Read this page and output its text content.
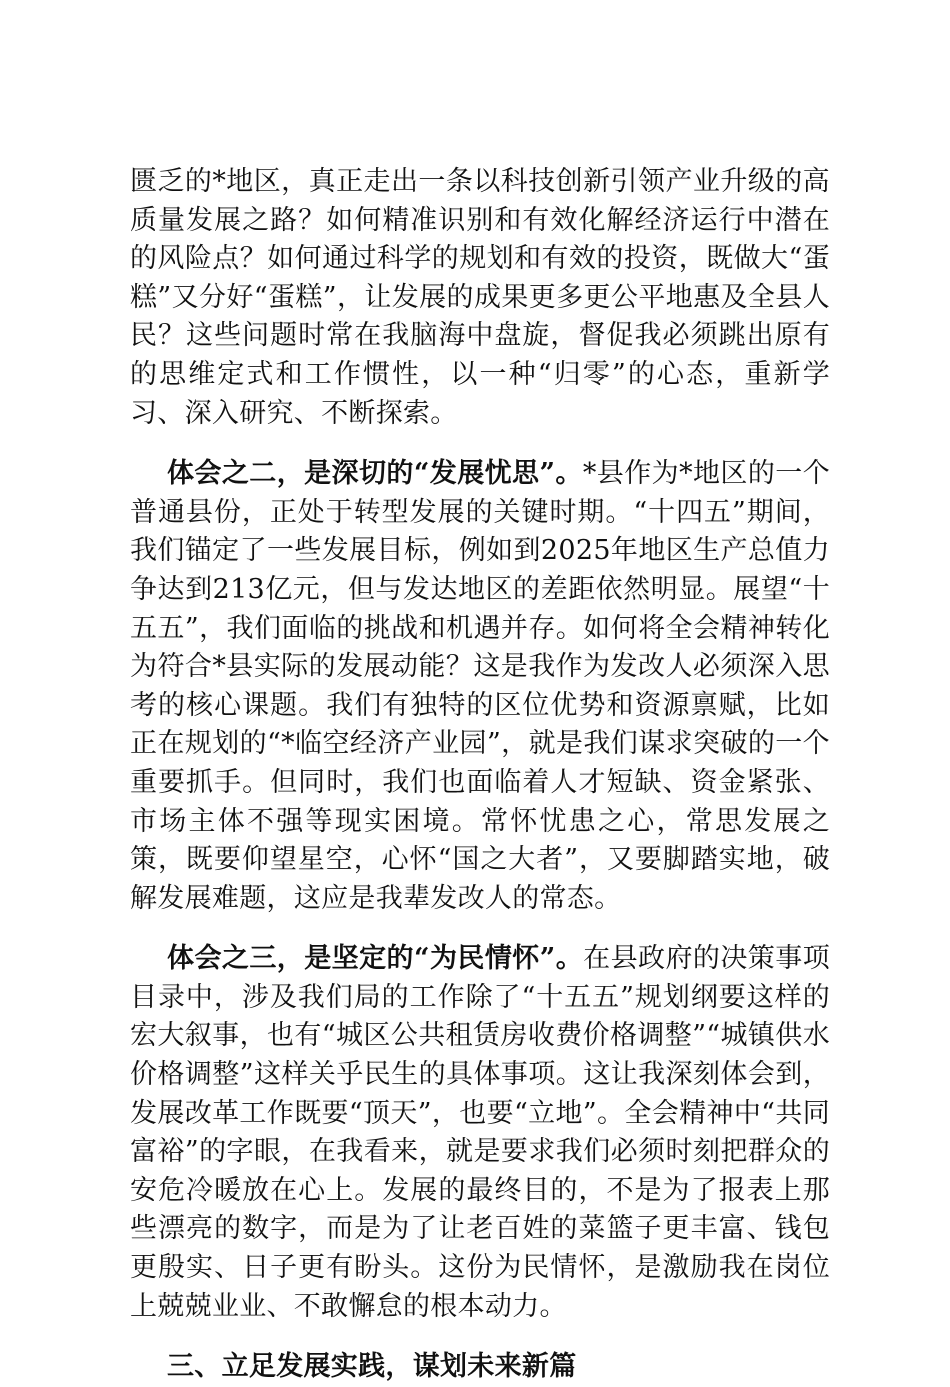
匮乏的*地区，真正走出一条以科技创新引领产业升级的高质量发展之路？如何精准识别和有效化解经济运行中潜在的风险点？如何通过科学的规划和有效的投资，既做大“蛋糕”又分好“蛋糕”，让发展的成果更多更公平地惠及全县人民？这些问题时常在我脑海中盘旋，督促我必须跳出原有的思维定式和工作惯性，以一种“归零”的心态，重新学习、深入研究、不断探索。

体会之二，是深切的“发展忧思”。*县作为*地区的一个普通县份，正处于转型发展的关键时期。“十四五”期间，我们锚定了一些发展目标，例如到2025年地区生产总值力争达到213亿元，但与发达地区的差距依然明显。展望“十五五”，我们面临的挑战和机遇并存。如何将全会精神转化为符合*县实际的发展动能？这是我作为发改人必须深入思考的核心课题。我们有独特的区位优势和资源禀赋，比如正在规划的“*临空经济产业园”，就是我们谋求突破的一个重要抓手。但同时，我们也面临着人才短缺、资金紧张、市场主体不强等现实困境。常怀忧患之心，常思发展之策，既要仰望星空，心怀“国之大者”，又要脚踏实地，破解发展难题，这应是我辈发改人的常态。

体会之三，是坚定的“为民情怀”。在县政府的决策事项目录中，涉及我们局的工作除了“十五五”规划纲要这样的宏大叙事，也有“城区公共租赁房收费价格调整”“城镇供水价格调整”这样关乎民生的具体事项。这让我深刻体会到，发展改革工作既要“顶天”，也要“立地”。全会精神中“共同富裕”的字眼，在我看来，就是要求我们必须时刻把群众的安危冷暖放在心上。发展的最终目的，不是为了报表上那些漂亮的数字，而是为了让老百姓的菜篮子更丰富、钱包更殷实、日子更有盼头。这份为民情怀，是激励我在岗位上兢兢业业、不敢懈怠的根本动力。

三、立足发展实践，谋划未来新篇
